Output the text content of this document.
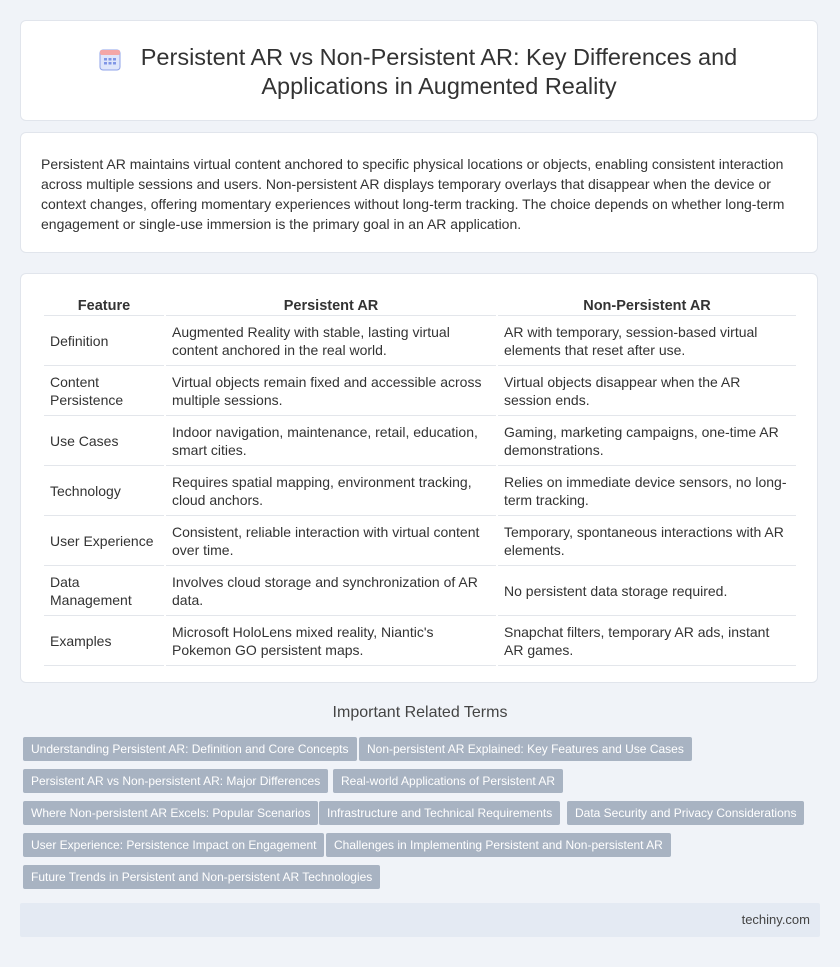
Persistent AR vs Non-Persistent AR: Key Differences and Applications in Augmented Reality

Persistent AR maintains virtual content anchored to specific physical locations or objects, enabling consistent interaction across multiple sessions and users. Non-persistent AR displays temporary overlays that disappear when the device or context changes, offering momentary experiences without long-term tracking. The choice depends on whether long-term engagement or single-use immersion is the primary goal in an AR application.

Feature	Persistent AR	Non-Persistent AR
Definition	Augmented Reality with stable, lasting virtual content anchored in the real world.	AR with temporary, session-based virtual elements that reset after use.
Content Persistence	Virtual objects remain fixed and accessible across multiple sessions.	Virtual objects disappear when the AR session ends.
Use Cases	Indoor navigation, maintenance, retail, education, smart cities.	Gaming, marketing campaigns, one-time AR demonstrations.
Technology	Requires spatial mapping, environment tracking, cloud anchors.	Relies on immediate device sensors, no long-term tracking.
User Experience	Consistent, reliable interaction with virtual content over time.	Temporary, spontaneous interactions with AR elements.
Data Management	Involves cloud storage and synchronization of AR data.	No persistent data storage required.
Examples	Microsoft HoloLens mixed reality, Niantic's Pokemon GO persistent maps.	Snapchat filters, temporary AR ads, instant AR games.
Important Related Terms
Understanding Persistent AR: Definition and Core Concepts	Non-persistent AR Explained: Key Features and Use Cases
Persistent AR vs Non-persistent AR: Major Differences	Real-world Applications of Persistent AR
Where Non-persistent AR Excels: Popular Scenarios	Infrastructure and Technical Requirements	Data Security and Privacy Considerations
User Experience: Persistence Impact on Engagement	Challenges in Implementing Persistent and Non-persistent AR
Future Trends in Persistent and Non-persistent AR Technologies
techiny.com
